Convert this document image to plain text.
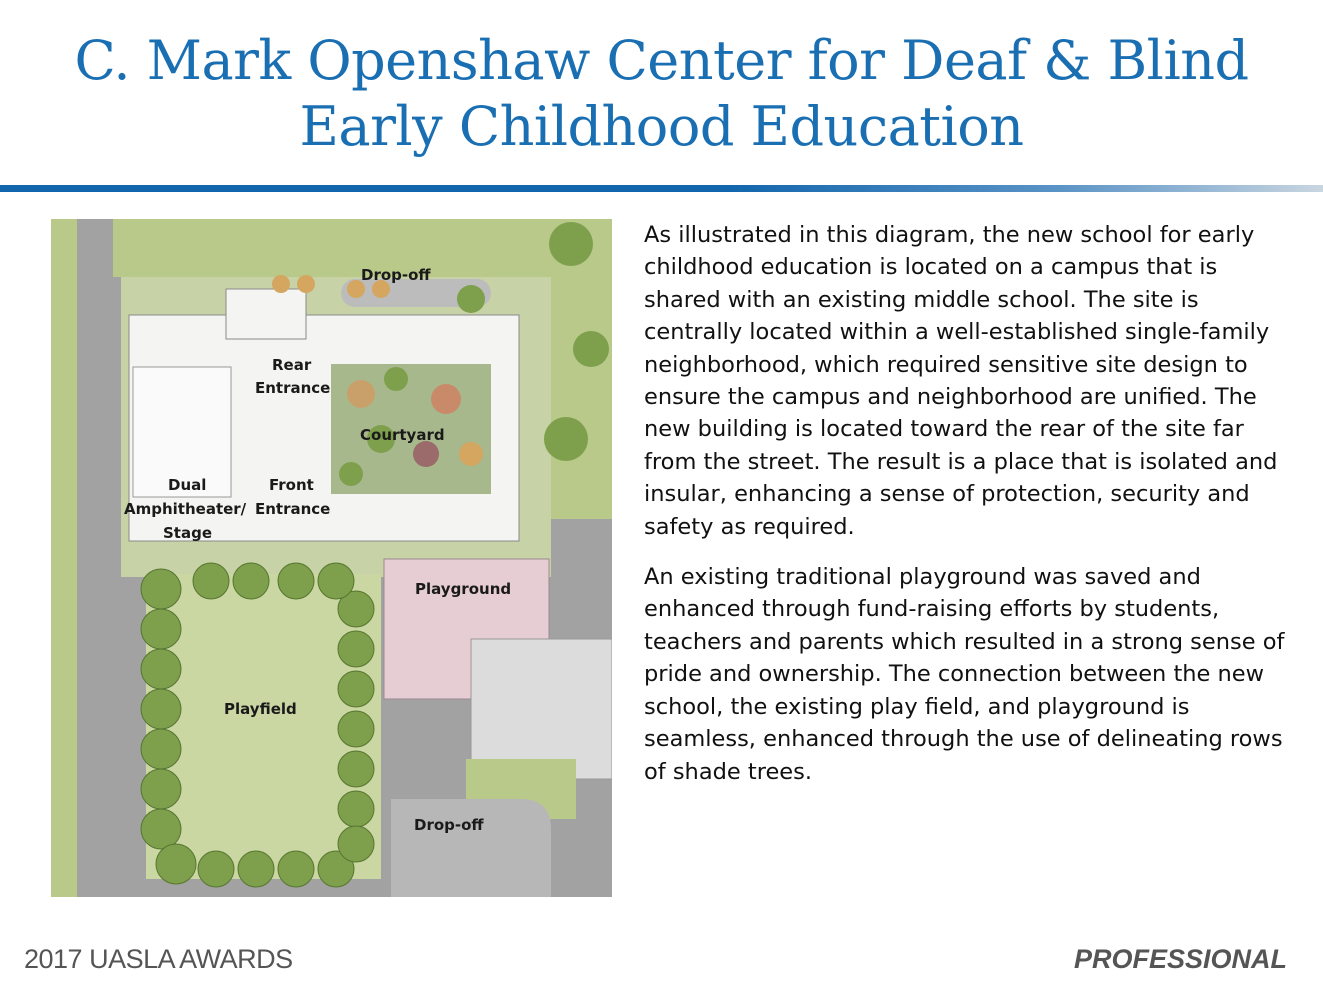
C. Mark Openshaw Center for Deaf & Blind
Early Childhood Education
Drop-off
Rear
Entrance
Courtyard
Dual
Amphitheater/
Stage
Front
Entrance
Playground
Playfield
Drop-off

As illustrated in this diagram, the new school for early childhood education is located on a campus that is shared with an existing middle school. The site is centrally located within a well-established single-family neighborhood, which required sensitive site design to ensure the campus and neighborhood are unified. The new building is located toward the rear of the site far from the street. The result is a place that is isolated and insular, enhancing a sense of protection, security and safety as required.

An existing traditional playground was saved and enhanced through fund-raising efforts by students, teachers and parents which resulted in a strong sense of pride and ownership. The connection between the new school, the existing play field, and playground is seamless, enhanced through the use of delineating rows of shade trees.

2017 UASLA AWARDS	PROFESSIONAL
